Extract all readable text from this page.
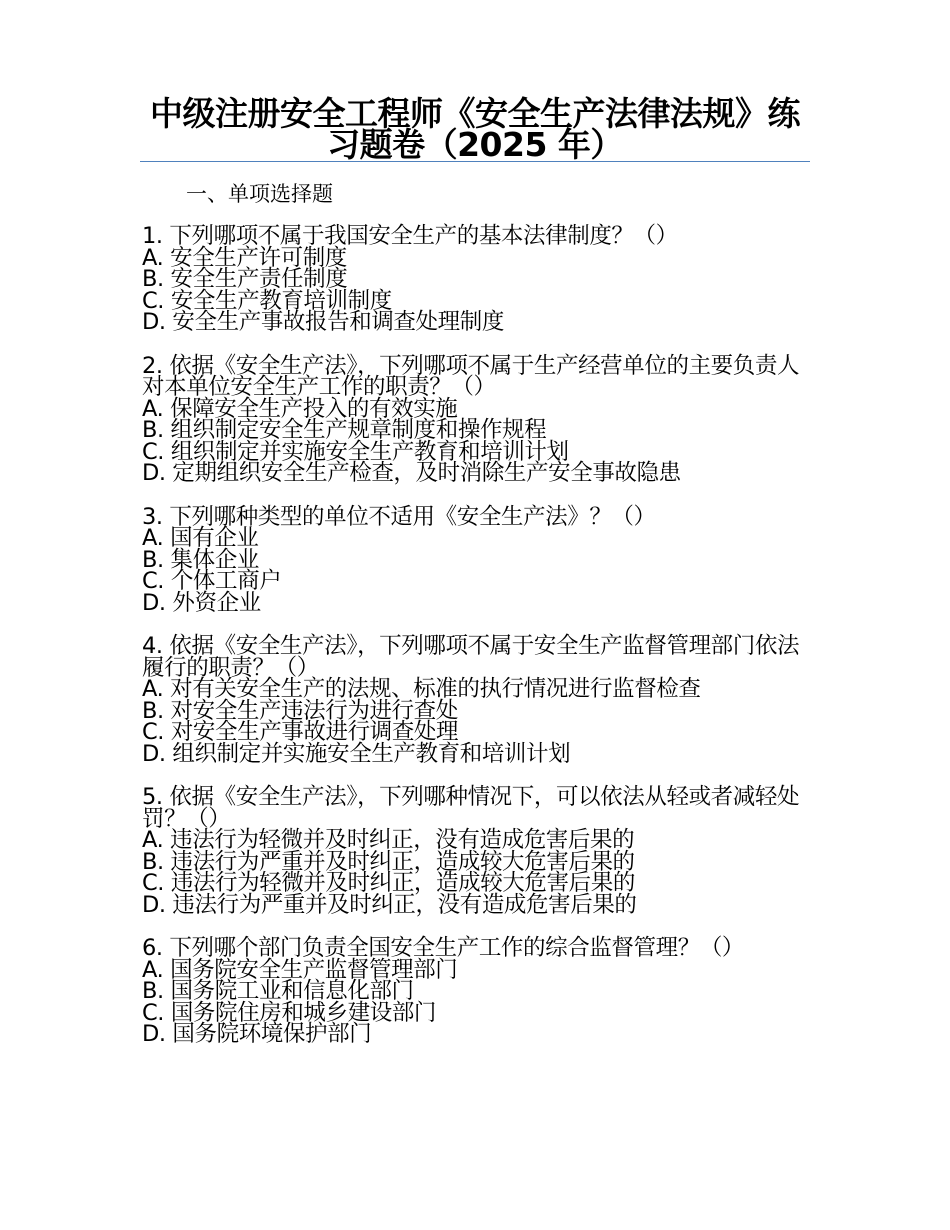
中级注册安全工程师《安全生产法律法规》练习题卷（2025 年）
一、单项选择题
1. 下列哪项不属于我国安全生产的基本法律制度？（）
A. 安全生产许可制度
B. 安全生产责任制度
C. 安全生产教育培训制度
D. 安全生产事故报告和调查处理制度
2. 依据《安全生产法》，下列哪项不属于生产经营单位的主要负责人对本单位安全生产工作的职责？（）
A. 保障安全生产投入的有效实施
B. 组织制定安全生产规章制度和操作规程
C. 组织制定并实施安全生产教育和培训计划
D. 定期组织安全生产检查，及时消除生产安全事故隐患
3. 下列哪种类型的单位不适用《安全生产法》？（）
A. 国有企业
B. 集体企业
C. 个体工商户
D. 外资企业
4. 依据《安全生产法》，下列哪项不属于安全生产监督管理部门依法履行的职责？（）
A. 对有关安全生产的法规、标准的执行情况进行监督检查
B. 对安全生产违法行为进行查处
C. 对安全生产事故进行调查处理
D. 组织制定并实施安全生产教育和培训计划
5. 依据《安全生产法》，下列哪种情况下，可以依法从轻或者减轻处罚？（）
A. 违法行为轻微并及时纠正，没有造成危害后果的
B. 违法行为严重并及时纠正，造成较大危害后果的
C. 违法行为轻微并及时纠正，造成较大危害后果的
D. 违法行为严重并及时纠正，没有造成危害后果的
6. 下列哪个部门负责全国安全生产工作的综合监督管理？（）
A. 国务院安全生产监督管理部门
B. 国务院工业和信息化部门
C. 国务院住房和城乡建设部门
D. 国务院环境保护部门
